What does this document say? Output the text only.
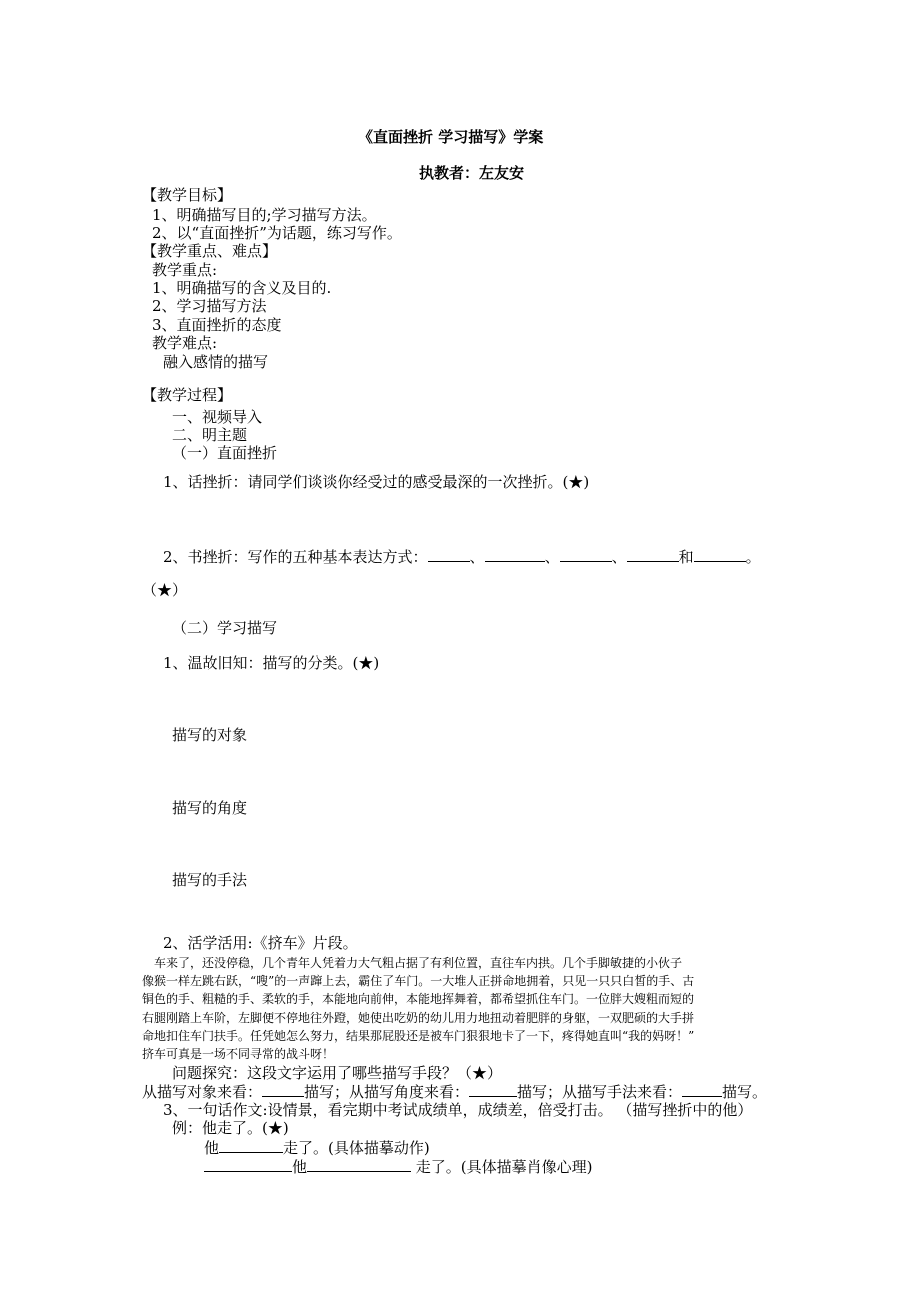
《直面挫折 学习描写》学案
执教者：左友安
【教学目标】
1、明确描写目的;学习描写方法。
2、以“直面挫折”为话题，练习写作。
【教学重点、难点】
教学重点:
1、明确描写的含义及目的.
2、学习描写方法
3、直面挫折的态度
教学难点:
融入感情的描写
【教学过程】
一、视频导入
二、明主题
（一）直面挫折
1、话挫折：请同学们谈谈你经受过的感受最深的一次挫折。(★)
2、书挫折：写作的五种基本表达方式：	、	、	、	和	。
（★）
（二）学习描写
1、温故旧知：描写的分类。(★)
描写的对象
描写的角度
描写的手法
2、活学活用:《挤车》片段。
车来了，还没停稳，几个青年人凭着力大气粗占据了有利位置，直往车内拱。几个手脚敏捷的小伙子
像猴一样左跳右跃，“嗖”的一声蹿上去，霸住了车门。一大堆人正拼命地拥着，只见一只只白皙的手、古
铜色的手、粗糙的手、柔软的手，本能地向前伸，本能地挥舞着，都希望抓住车门。一位胖大嫂粗而短的
右腿刚踏上车阶，左脚便不停地往外蹬，她使出吃奶的幼儿用力地扭动着肥胖的身躯，一双肥硕的大手拼
命地扣住车门扶手。任凭她怎么努力，结果那屁股还是被车门狠狠地卡了一下，疼得她直叫“我的妈呀！”
挤车可真是一场不同寻常的战斗呀！
问题探究：这段文字运用了哪些描写手段？（★）
从描写对象来看：	描写；从描写角度来看：	描写；从描写手法来看：	描写。
3、一句话作文:设情景，看完期中考试成绩单，成绩差，倍受打击。 （描写挫折中的他）
例：他走了。(★)
他	走了。(具体描摹动作)
他	走了。(具体描摹肖像心理)
